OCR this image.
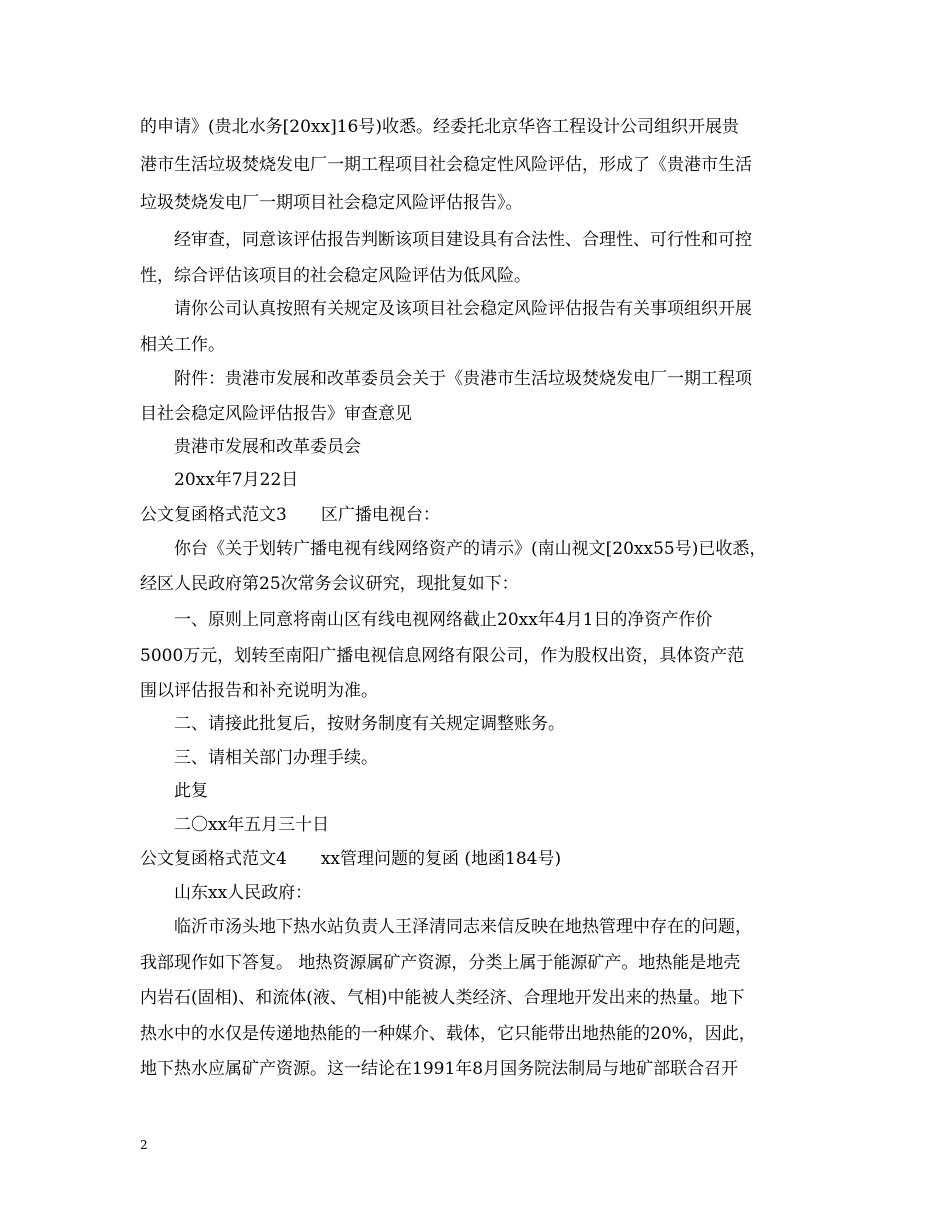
的申请》(贵北水务[20xx]16号)收悉。经委托北京华咨工程设计公司组织开展贵
港市生活垃圾焚烧发电厂一期工程项目社会稳定性风险评估，形成了《贵港市生活
垃圾焚烧发电厂一期项目社会稳定风险评估报告》。
经审查，同意该评估报告判断该项目建设具有合法性、合理性、可行性和可控
性，综合评估该项目的社会稳定风险评估为低风险。
请你公司认真按照有关规定及该项目社会稳定风险评估报告有关事项组织开展
相关工作。
附件：贵港市发展和改革委员会关于《贵港市生活垃圾焚烧发电厂一期工程项
目社会稳定风险评估报告》审查意见
贵港市发展和改革委员会
20xx年7月22日
公文复函格式范文3　　区广播电视台：
你台《关于划转广播电视有线网络资产的请示》(南山视文[20xx55号)已收悉，
经区人民政府第25次常务会议研究，现批复如下：
一、原则上同意将南山区有线电视网络截止20xx年4月1日的净资产作价
5000万元，划转至南阳广播电视信息网络有限公司，作为股权出资，具体资产范
围以评估报告和补充说明为准。
二、请接此批复后，按财务制度有关规定调整账务。
三、请相关部门办理手续。
此复
二〇xx年五月三十日
公文复函格式范文4　　xx管理问题的复函 (地函184号)
山东xx人民政府：
临沂市汤头地下热水站负责人王泽清同志来信反映在地热管理中存在的问题，
我部现作如下答复。 地热资源属矿产资源，分类上属于能源矿产。地热能是地壳
内岩石(固相)、和流体(液、气相)中能被人类经济、合理地开发出来的热量。地下
热水中的水仅是传递地热能的一种媒介、载体，它只能带出地热能的20%，因此，
地下热水应属矿产资源。这一结论在1991年8月国务院法制局与地矿部联合召开
2
